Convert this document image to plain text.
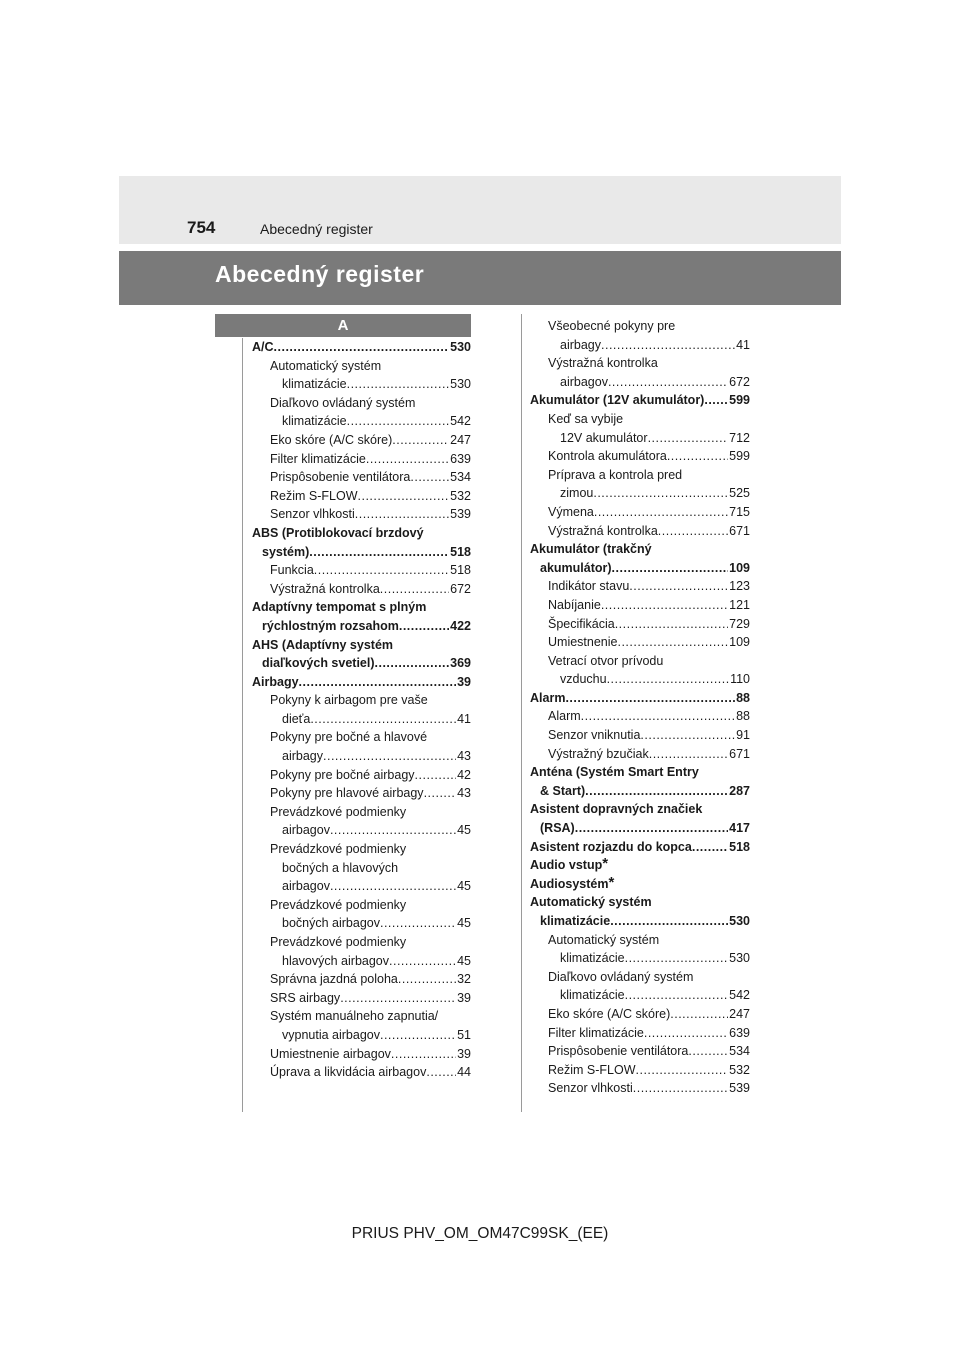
754	Abecedný register
Abecedný register
A
A/C .....	530
Automatický systém
klimatizácie .....	530
Diaľkovo ovládaný systém
klimatizácie .....	542
Eko skóre (A/C skóre) .....	247
Filter klimatizácie .....	639
Prispôsobenie ventilátora .....	534
Režim S-FLOW .....	532
Senzor vlhkosti .....	539
ABS (Protiblokovací brzdový
systém) .....	518
Funkcia .....	518
Výstražná kontrolka .....	672
Adaptívny tempomat s plným
rýchlostným rozsahom .....	422
AHS (Adaptívny systém
diaľkových svetiel) .....	369
Airbagy .....	39
Pokyny k airbagom pre vaše
dieťa .....	41
Pokyny pre bočné a hlavové
airbagy .....	43
Pokyny pre bočné airbagy .....	42
Pokyny pre hlavové airbagy .....	43
Prevádzkové podmienky
airbagov .....	45
Prevádzkové podmienky
bočných a hlavových
airbagov .....	45
Prevádzkové podmienky
bočných airbagov .....	45
Prevádzkové podmienky
hlavových airbagov .....	45
Správna jazdná poloha .....	32
SRS airbagy .....	39
Systém manuálneho zapnutia/
vypnutia airbagov .....	51
Umiestnenie airbagov .....	39
Úprava a likvidácia airbagov ..... 44
Všeobecné pokyny pre
airbagy .....	41
Výstražná kontrolka
airbagov .....	672
Akumulátor (12V akumulátor) ..... 599
Keď sa vybije
12V akumulátor .....	712
Kontrola akumulátora .....	599
Príprava a kontrola pred
zimou .....	525
Výmena .....	715
Výstražná kontrolka .....	671
Akumulátor (trakčný
akumulátor) .....	109
Indikátor stavu .....	123
Nabíjanie .....	121
Špecifikácia .....	729
Umiestnenie .....	109
Vetrací otvor prívodu
vzduchu .....	110
Alarm .....	88
Alarm .....	88
Senzor vniknutia .....	91
Výstražný bzučiak .....	671
Anténa (Systém Smart Entry
& Start) .....	287
Asistent dopravných značiek
(RSA) .....	417
Asistent rozjazdu do kopca .....	518
Audio vstup*
Audiosystém*
Automatický systém
klimatizácie .....	530
Automatický systém
klimatizácie .....	530
Diaľkovo ovládaný systém
klimatizácie .....	542
Eko skóre (A/C skóre) .....	247
Filter klimatizácie .....	639
Prispôsobenie ventilátora .....	534
Režim S-FLOW .....	532
Senzor vlhkosti .....	539
PRIUS PHV_OM_OM47C99SK_(EE)
